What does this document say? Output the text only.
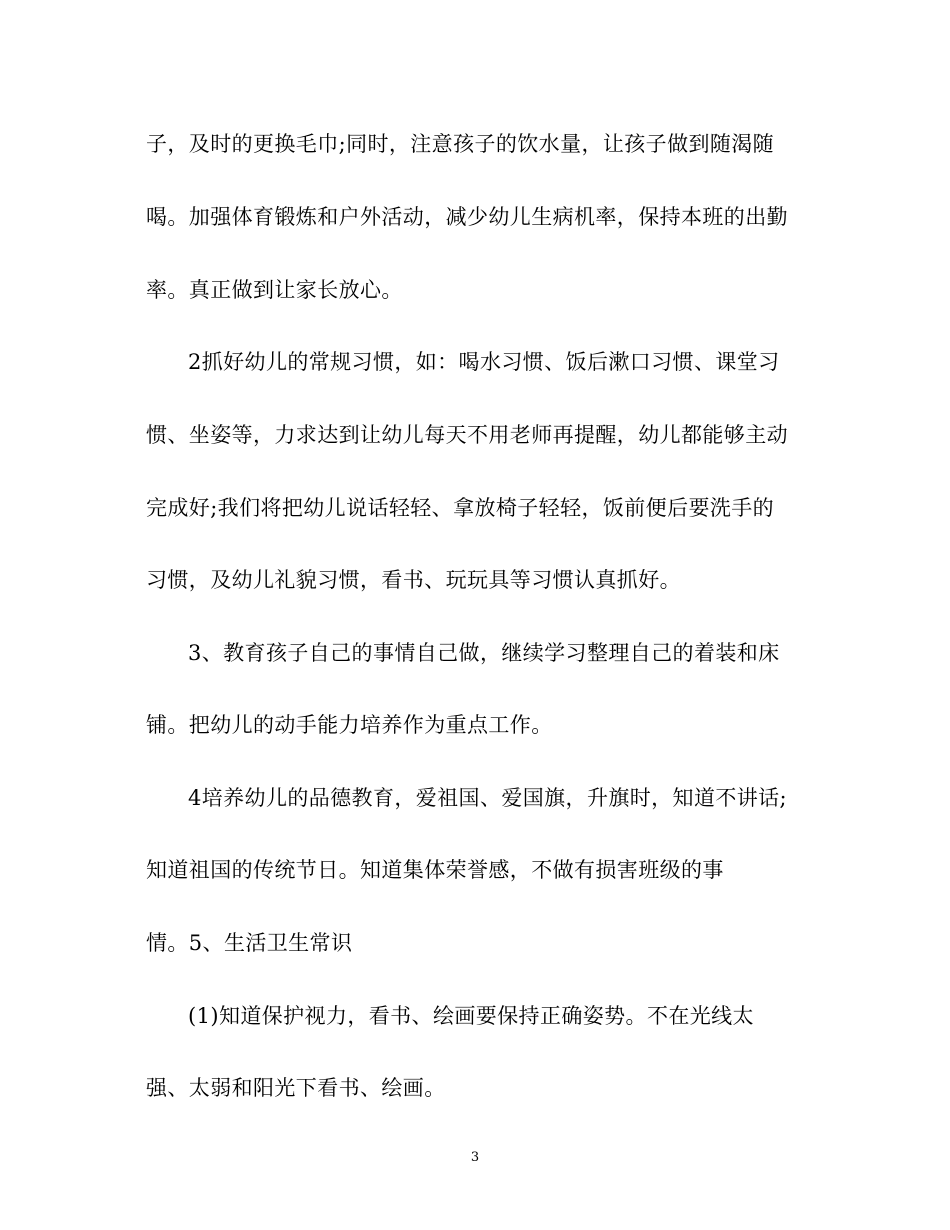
子，及时的更换毛巾;同时，注意孩子的饮水量，让孩子做到随渴随
喝。加强体育锻炼和户外活动，减少幼儿生病机率，保持本班的出勤
率。真正做到让家长放心。
2抓好幼儿的常规习惯，如：喝水习惯、饭后漱口习惯、课堂习
惯、坐姿等，力求达到让幼儿每天不用老师再提醒，幼儿都能够主动
完成好;我们将把幼儿说话轻轻、拿放椅子轻轻，饭前便后要洗手的
习惯，及幼儿礼貌习惯，看书、玩玩具等习惯认真抓好。
3、教育孩子自己的事情自己做，继续学习整理自己的着装和床
铺。把幼儿的动手能力培养作为重点工作。
4培养幼儿的品德教育，爱祖国、爱国旗，升旗时，知道不讲话;
知道祖国的传统节日。知道集体荣誉感，不做有损害班级的事
情。5、生活卫生常识
(1)知道保护视力，看书、绘画要保持正确姿势。不在光线太
强、太弱和阳光下看书、绘画。
3
